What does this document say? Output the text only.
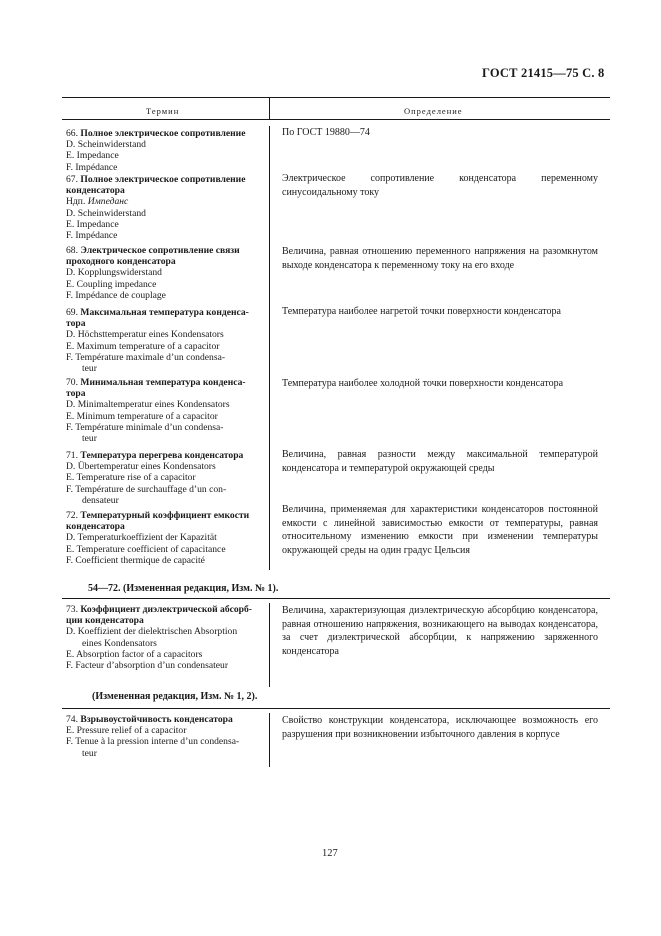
ГОСТ 21415—75 С. 8
Термин	Определение
66. Полное электрическое сопротивление
D. Scheinwiderstand
E. Impedance
F. Impédance
По ГОСТ 19880—74
67. Полное электрическое сопротивление
конденсатора
Ндп. Импеданс
D. Scheinwiderstand
E. Impedance
F. Impédance
Электрическое сопротивление конденсатора переменному синусоидальному току
68. Электрическое сопротивление связи
проходного конденсатора
D. Kopplungswiderstand
E. Coupling impedance
F. Impédance de couplage
Величина, равная отношению переменного напряжения на разомкнутом выходе конденсатора к переменному току на его входе
69. Максимальная температура конденса-
тора
D. Höchsttemperatur eines Kondensators
E. Maximum temperature of a capacitor
F. Température maximale d’un condensa-
teur
Температура наиболее нагретой точки поверхности конденсатора
70. Минимальная температура конденса-
тора
D. Minimaltemperatur eines Kondensators
E. Minimum temperature of a capacitor
F. Température minimale d’un condensa-
teur
Температура наиболее холодной точки поверхности конденсатора
71. Температура перегрева конденсатора
D. Übertemperatur eines Kondensators
E. Temperature rise of a capacitor
F. Température de surchauffage d’un con-
densateur
Величина, равная разности между максимальной температурой конденсатора и температурой окружающей среды
72. Температурный коэффициент емкости
конденсатора
D. Temperaturkoeffizient der Kapazität
E. Temperature coefficient of capacitance
F. Coefficient thermique de capacité
Величина, применяемая для характеристики конденсаторов постоянной емкости с линейной зависимостью емкости от температуры, равная относительному изменению емкости при изменении температуры окружающей среды на один градус Цельсия
54—72. (Измененная редакция, Изм. № 1).
73. Коэффициент диэлектрической абсорб-
ции конденсатора
D. Koeffizient der dielektrischen Absorption
eines Kondensators
E. Absorption factor of a capacitors
F. Facteur d’absorption d’un condensateur
Величина, характеризующая диэлектрическую абсорбцию конденсатора, равная отношению напряжения, возникающего на выводах конденсатора, за счет диэлектрической абсорбции, к напряжению заряженного конденсатора
(Измененная редакция, Изм. № 1, 2).
74. Взрывоустойчивость конденсатора
E. Pressure relief of a capacitor
F. Tenue à la pression interne d’un condensa-
teur
Свойство конструкции конденсатора, исключающее возможность его разрушения при возникновении избыточного давления в корпусе
127
